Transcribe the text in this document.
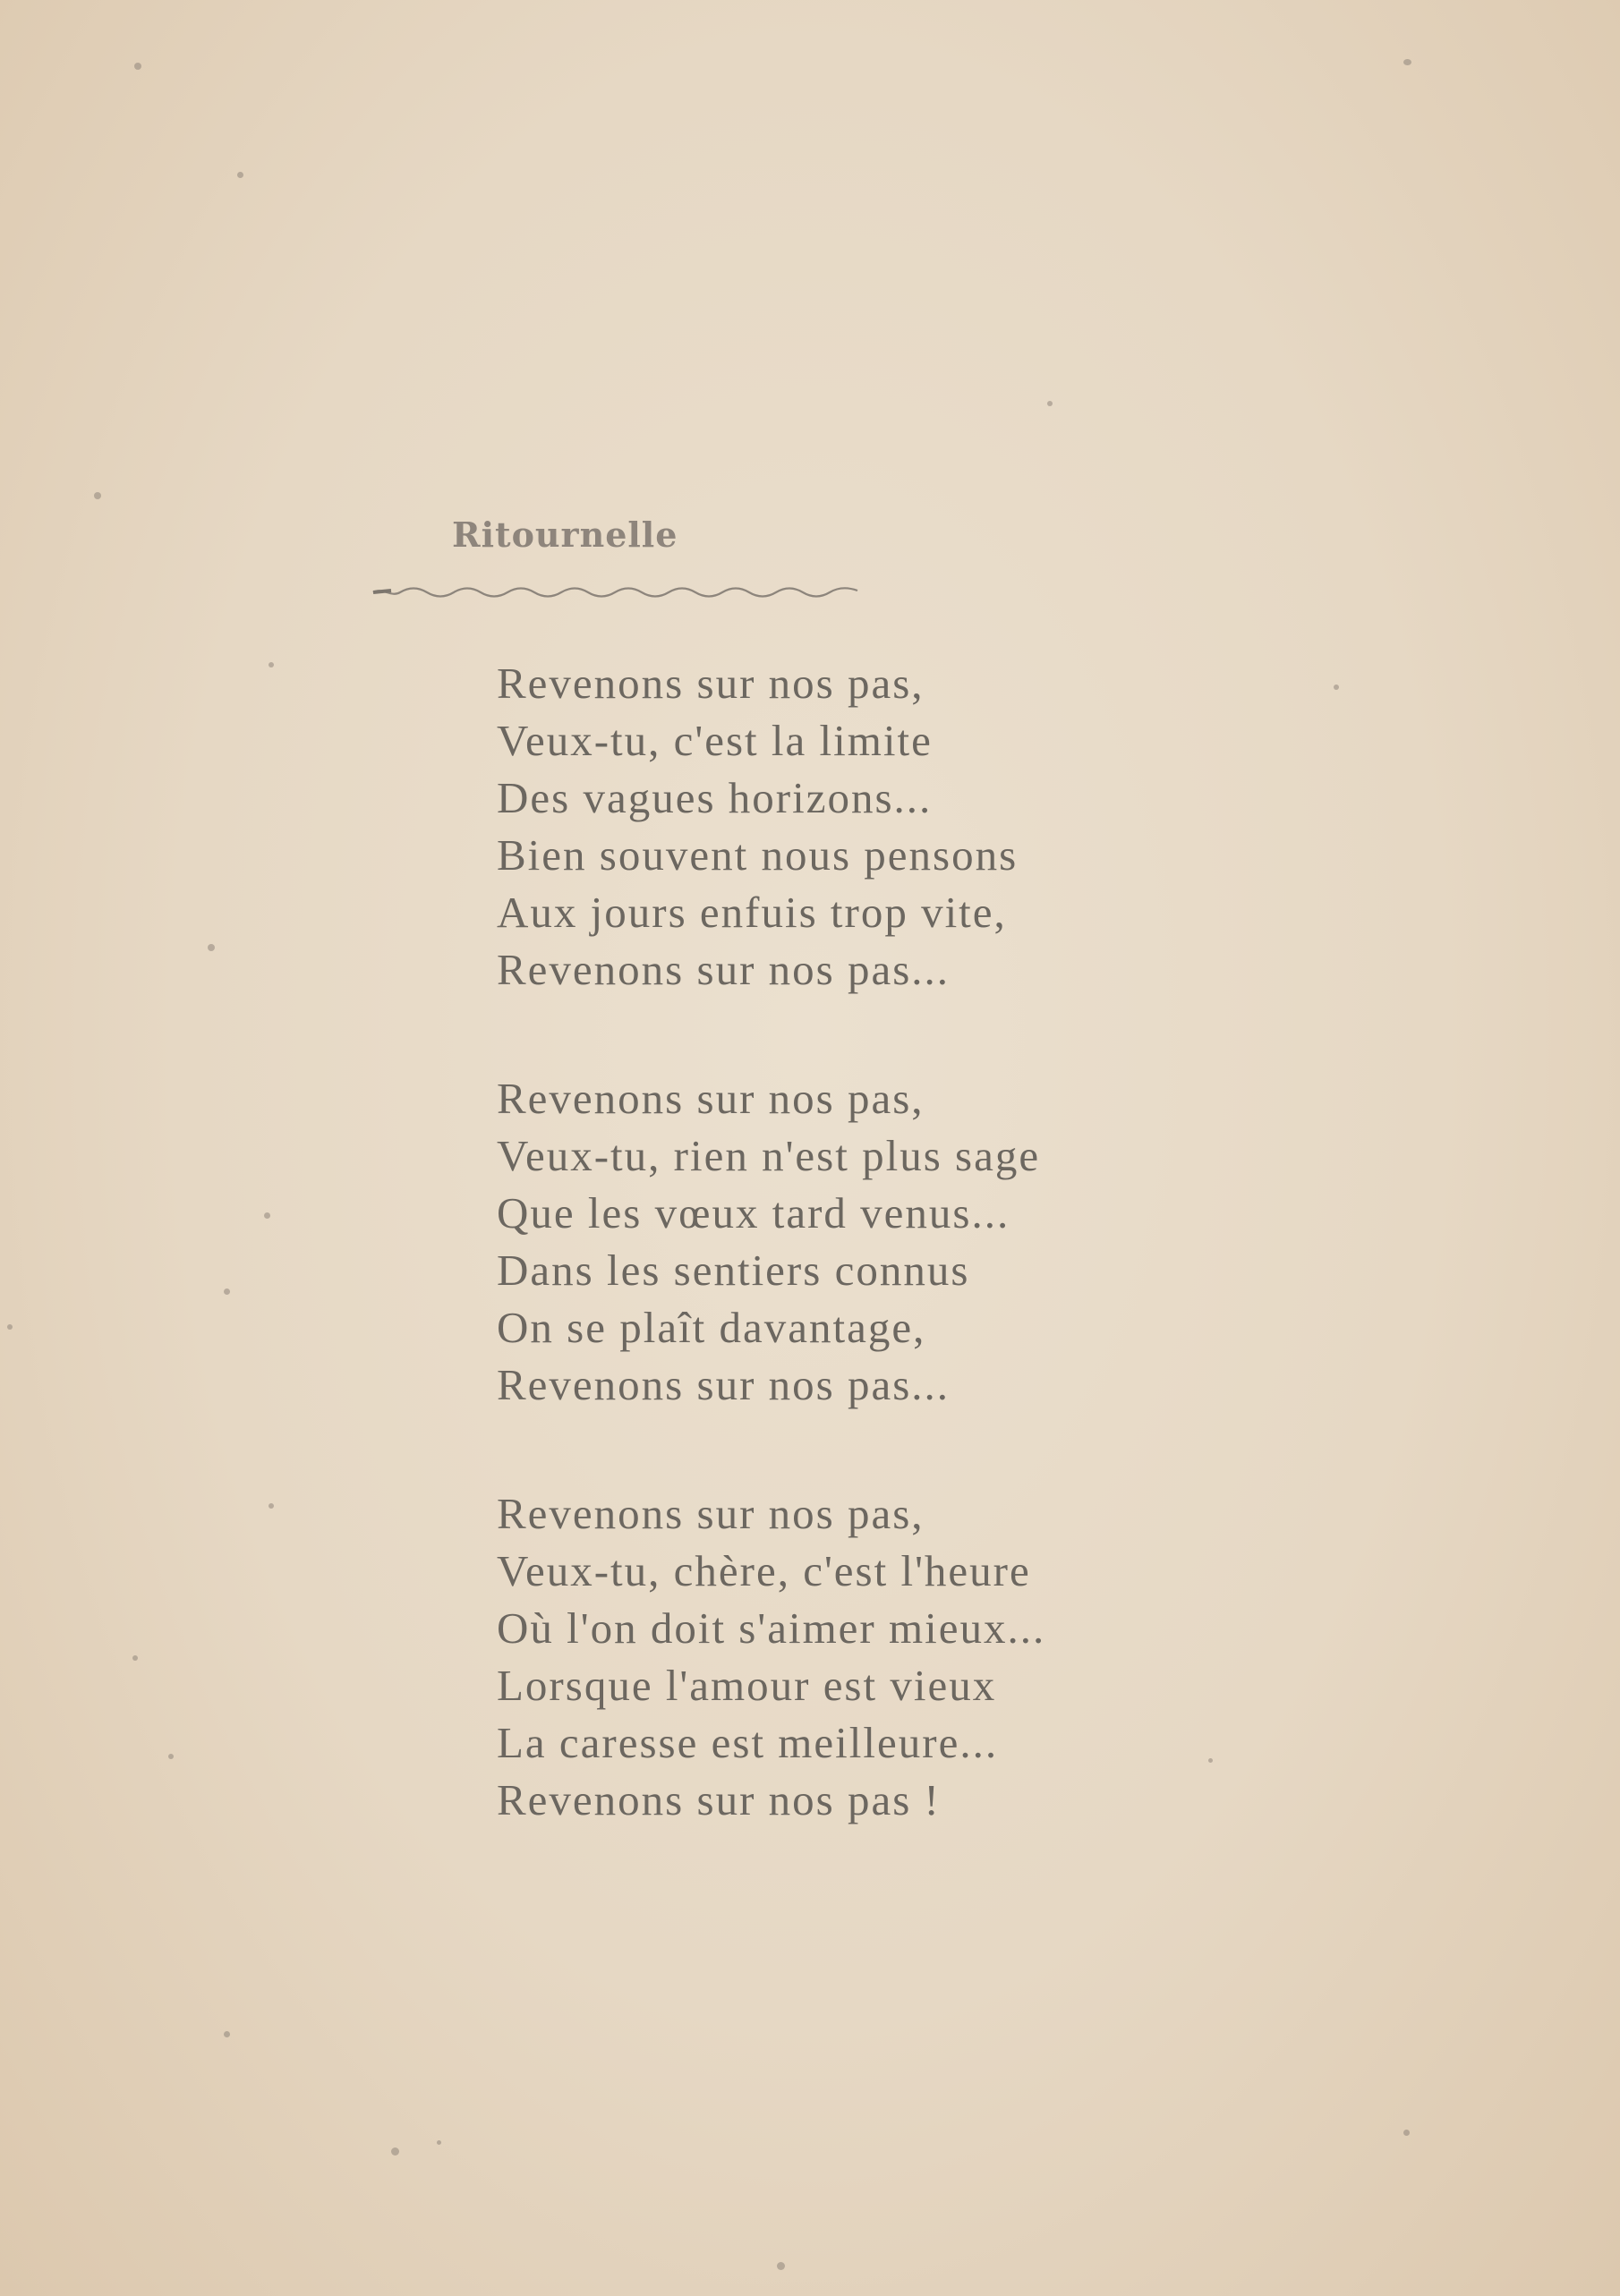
Ritournelle
Revenons sur nos pas,
Veux-tu, c'est la limite
Des vagues horizons...
Bien souvent nous pensons
Aux jours enfuis trop vite,
Revenons sur nos pas...
Revenons sur nos pas,
Veux-tu, rien n'est plus sage
Que les vœux tard venus...
Dans les sentiers connus
On se plaît davantage,
Revenons sur nos pas...
Revenons sur nos pas,
Veux-tu, chère, c'est l'heure
Où l'on doit s'aimer mieux...
Lorsque l'amour est vieux
La caresse est meilleure...
Revenons sur nos pas !
